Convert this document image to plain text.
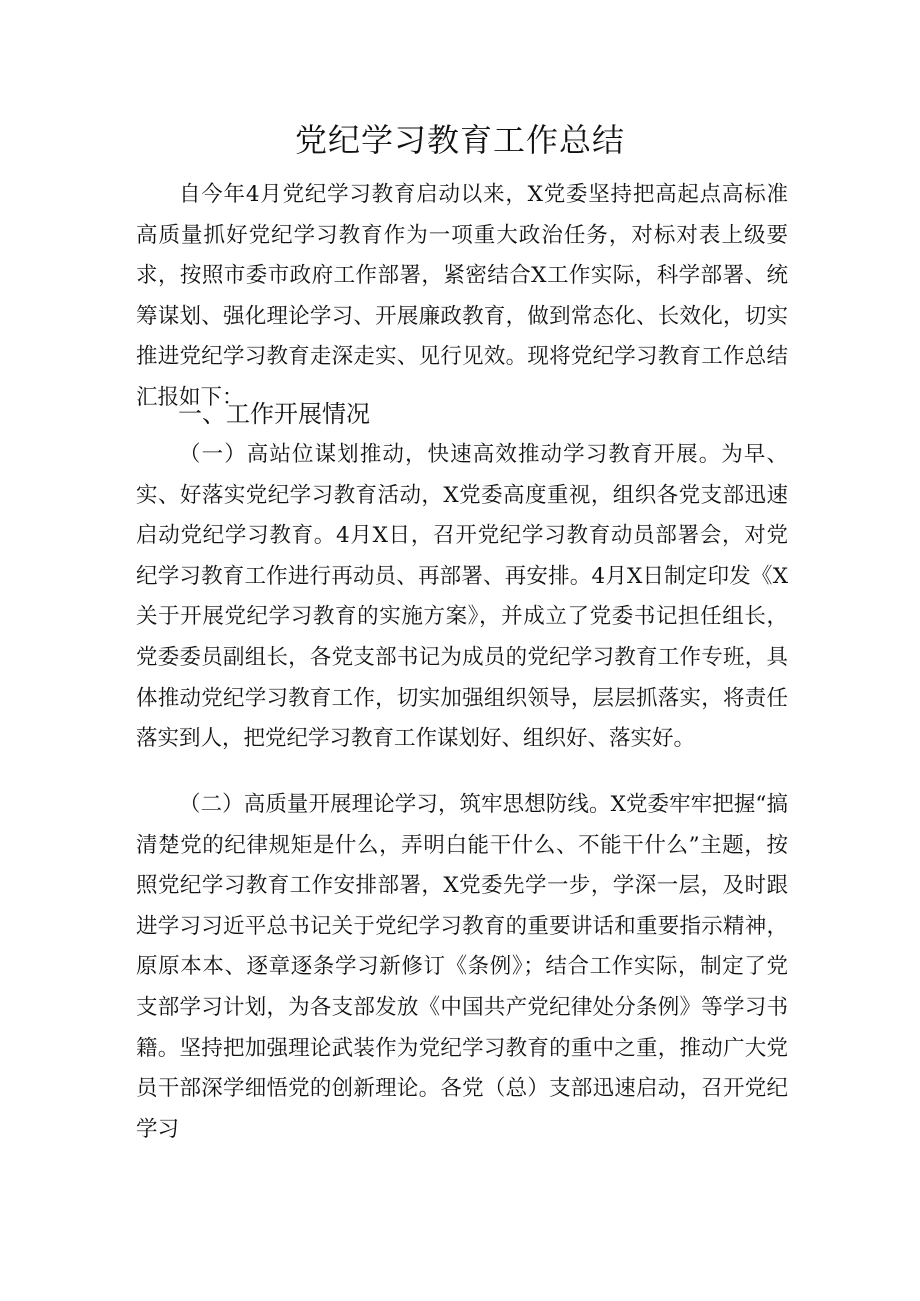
党纪学习教育工作总结

自今年4月党纪学习教育启动以来，X党委坚持把高起点高标准高质量抓好党纪学习教育作为一项重大政治任务，对标对表上级要求，按照市委市政府工作部署，紧密结合X工作实际，科学部署、统筹谋划、强化理论学习、开展廉政教育，做到常态化、长效化，切实推进党纪学习教育走深走实、见行见效。现将党纪学习教育工作总结汇报如下：

一、工作开展情况

（一）高站位谋划推动，快速高效推动学习教育开展。为早、实、好落实党纪学习教育活动，X党委高度重视，组织各党支部迅速启动党纪学习教育。4月X日，召开党纪学习教育动员部署会，对党纪学习教育工作进行再动员、再部署、再安排。4月X日制定印发《X关于开展党纪学习教育的实施方案》，并成立了党委书记担任组长，党委委员副组长，各党支部书记为成员的党纪学习教育工作专班，具体推动党纪学习教育工作，切实加强组织领导，层层抓落实，将责任落实到人，把党纪学习教育工作谋划好、组织好、落实好。

（二）高质量开展理论学习，筑牢思想防线。X党委牢牢把握“搞清楚党的纪律规矩是什么，弄明白能干什么、不能干什么”主题，按照党纪学习教育工作安排部署，X党委先学一步，学深一层，及时跟进学习习近平总书记关于党纪学习教育的重要讲话和重要指示精神，原原本本、逐章逐条学习新修订《条例》；结合工作实际，制定了党支部学习计划，为各支部发放《中国共产党纪律处分条例》等学习书籍。坚持把加强理论武装作为党纪学习教育的重中之重，推动广大党员干部深学细悟党的创新理论。各党（总）支部迅速启动，召开党纪学习
